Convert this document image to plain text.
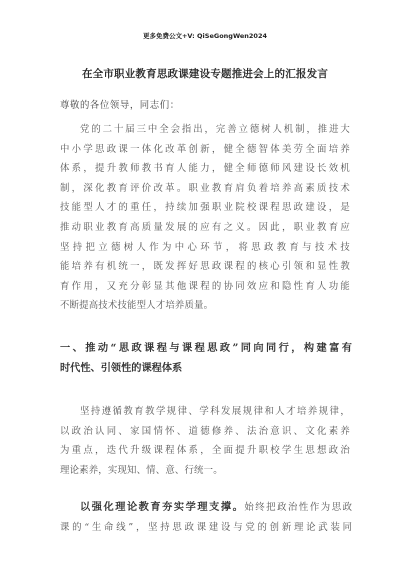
更多免费公文+V: QiSeGongWen2024
在全市职业教育思政课建设专题推进会上的汇报发言
尊敬的各位领导，同志们：
党的二十届三中全会指出，完善立德树人机制，推进大
中小学思政课一体化改革创新，健全德智体美劳全面培养
体系，提升教师教书育人能力，健全师德师风建设长效机
制，深化教育评价改革。职业教育肩负着培养高素质技术
技能型人才的重任，持续加强职业院校课程思政建设，是
推动职业教育高质量发展的应有之义。因此，职业教育应
坚持把立德树人作为中心环节，将思政教育与技术技
能培养有机统一，既发挥好思政课程的核心引领和显性教
育作用，又充分彰显其他课程的协同效应和隐性育人功能
不断提高技术技能型人才培养质量。
一、推动“思政课程与课程思政”同向同行，构建富有
时代性、引领性的课程体系
坚持遵循教育教学规律、学科发展规律和人才培养规律，
以政治认同、家国情怀、道德修养、法治意识、文化素养
为重点，迭代升级课程体系，全面提升职校学生思想政治
理论素养，实现知、情、意、行统一。
以强化理论教育夯实学理支撑。始终把政治性作为思政
课的“生命线”，坚持思政课建设与党的创新理论武装同
